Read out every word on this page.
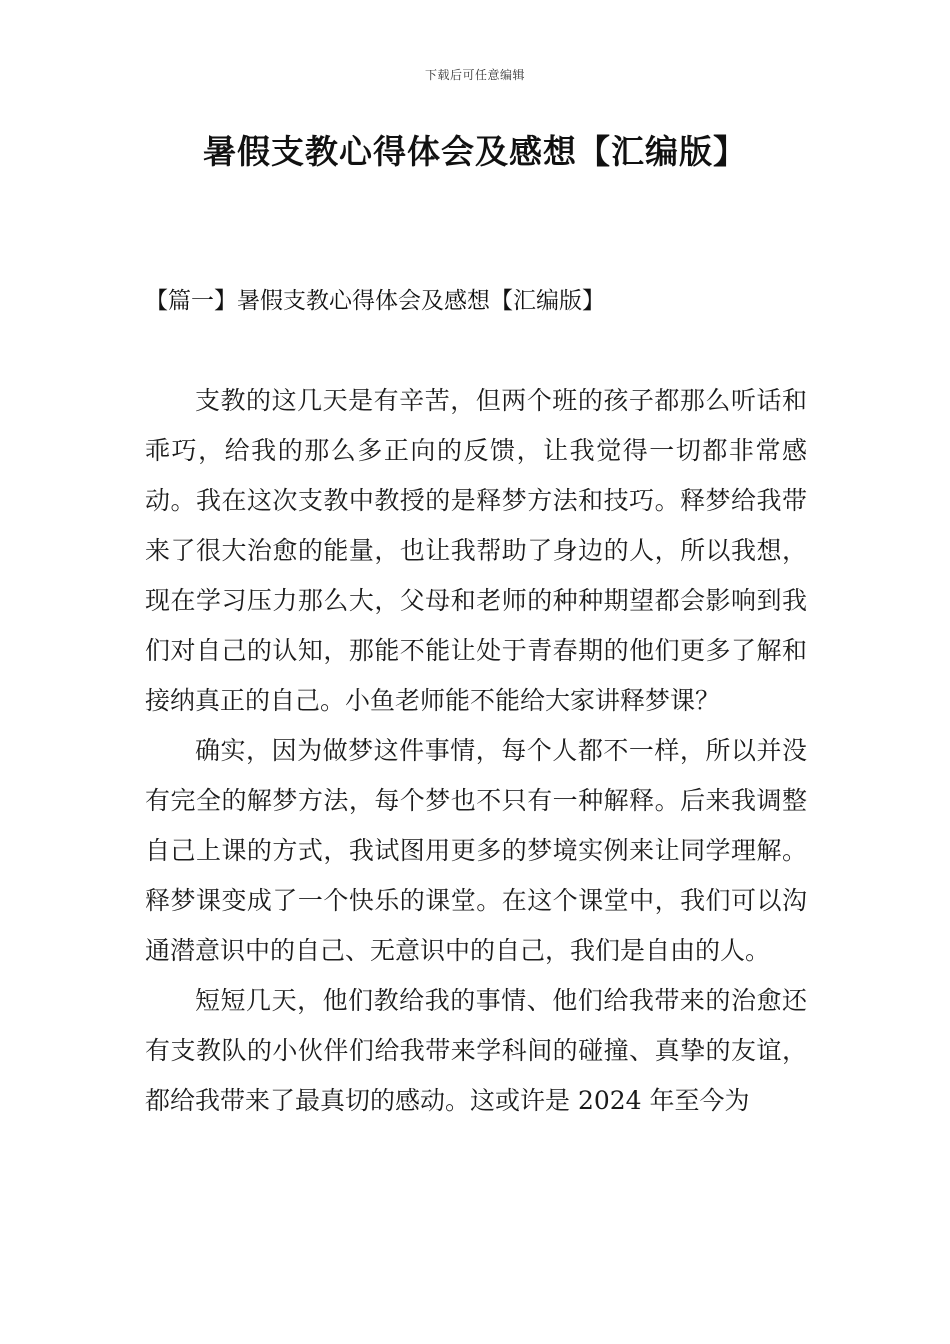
下载后可任意编辑
暑假支教心得体会及感想【汇编版】
【篇一】暑假支教心得体会及感想【汇编版】

支教的这几天是有辛苦，但两个班的孩子都那么听话和乖巧，给我的那么多正向的反馈，让我觉得一切都非常感动。我在这次支教中教授的是释梦方法和技巧。释梦给我带来了很大治愈的能量，也让我帮助了身边的人，所以我想，现在学习压力那么大，父母和老师的种种期望都会影响到我们对自己的认知，那能不能让处于青春期的他们更多了解和接纳真正的自己。小鱼老师能不能给大家讲释梦课？

确实，因为做梦这件事情，每个人都不一样，所以并没有完全的解梦方法，每个梦也不只有一种解释。后来我调整自己上课的方式，我试图用更多的梦境实例来让同学理解。释梦课变成了一个快乐的课堂。在这个课堂中，我们可以沟通潜意识中的自己、无意识中的自己，我们是自由的人。

短短几天，他们教给我的事情、他们给我带来的治愈还有支教队的小伙伴们给我带来学科间的碰撞、真挚的友谊，都给我带来了最真切的感动。这或许是 2024 年至今为
